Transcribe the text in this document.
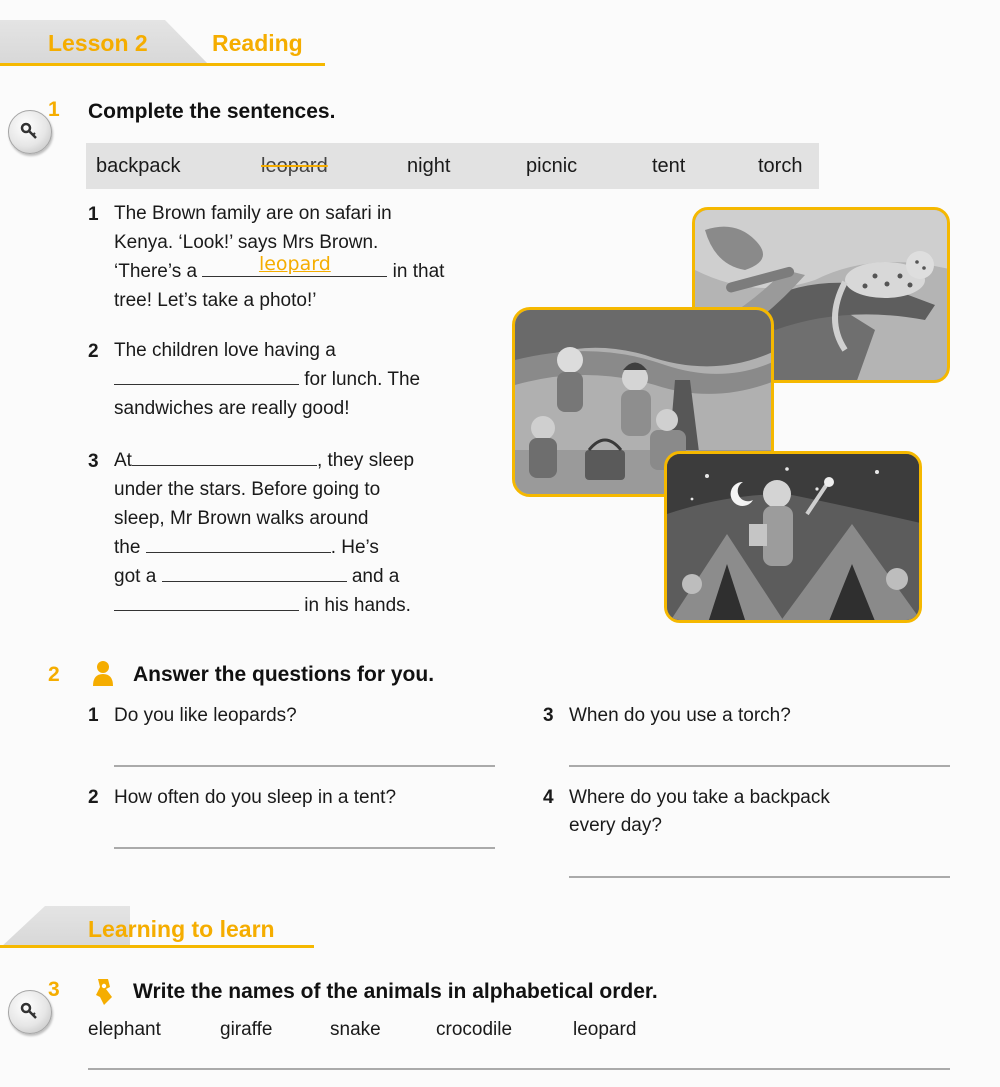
Lesson 2	Reading
1 Complete the sentences.
backpack	leopard	night	picnic	tent	torch
1 The Brown family are on safari in
Kenya. ‘Look!’ says Mrs Brown.
‘There’s a	leopard	in that
tree! Let’s take a photo!’
2 The children love having a
for lunch. The
sandwiches are really good!
3 At	, they sleep
under the stars. Before going to
sleep, Mr Brown walks around
the	. He’s
got a	and a
in his hands.
2	Answer the questions for you.
1 Do you like leopards?
2 How often do you sleep in a tent?
3 When do you use a torch?
4 Where do you take a backpack
every day?
Learning to learn
3	Write the names of the animals in alphabetical order.
elephant	giraffe	snake	crocodile	leopard
